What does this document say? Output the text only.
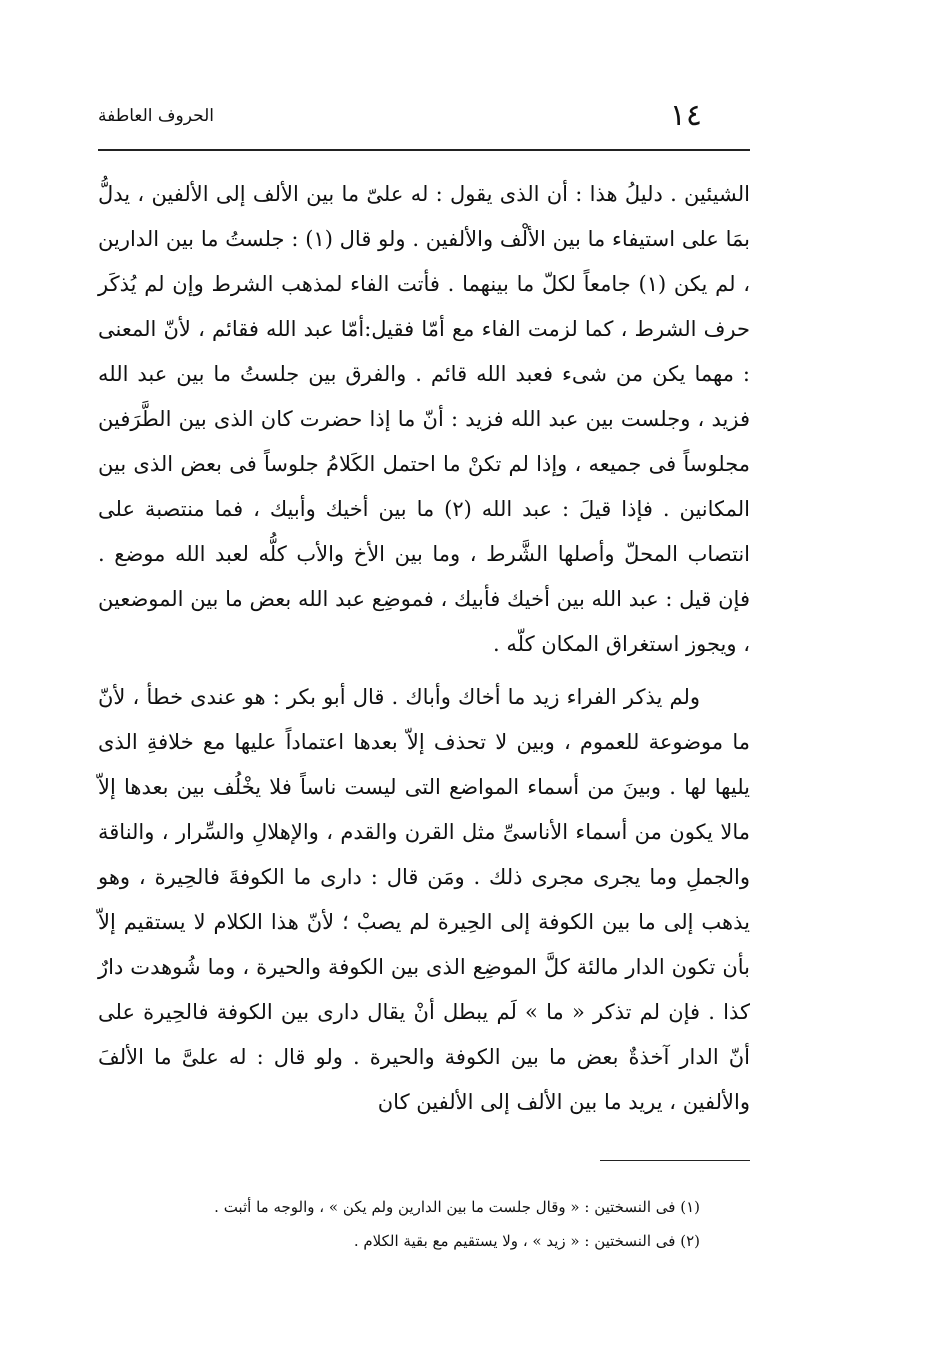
١٤
الحروف العاطفة

الشيئين . دليلُ هذا : أن الذى يقول : له علىّ ما بين الألف إلى الألفين ، يدلُّ بمَا على استيفاء ما بين الألْف والألفين . ولو قال (١) : جلستُ ما بين الدارين ، لم يكن (١) جامعاً لكلّ ما بينهما . فأتت الفاء لمذهب الشرط وإن لم يُذكَر حرف الشرط ، كما لزمت الفاء مع أمّا فقيل:أمّا عبد الله فقائم ، لأنّ المعنى : مهما يكن من شىء فعبد الله قائم . والفرق بين جلستُ ما بين عبد الله فزيد ، وجلست بين عبد الله فزيد : أنّ ما إذا حضرت كان الذى بين الطَّرَفين مجلوساً فى جميعه ، وإذا لم تكنْ ما احتمل الكَلامُ جلوساً فى بعض الذى بين المكانين . فإذا قيلَ : عبد الله (٢) ما بين أخيك وأبيك ، فما منتصبة على انتصاب المحلّ وأصلها الشَّرط ، وما بين الأخ والأب كلُّه لعبد الله موضع . فإن قيل : عبد الله بين أخيك فأبيك ، فموضِع عبد الله بعض ما بين الموضعين ، ويجوز استغراق المكان كلّه .

ولم يذكر الفراء زيد ما أخاك وأباك . قال أبو بكر : هو عندى خطأ ، لأنّ ما موضوعة للعموم ، وبين لا تحذف إلاّ بعدها اعتماداً عليها مع خلافةِ الذى يليها لها . وبينَ من أسماء المواضع التى ليست ناساً فلا يخْلُف بين بعدها إلاّ مالا يكون من أسماء الأناسىِّ مثل القرن والقدم ، والإهلالِ والسِّرار ، والناقة والجملِ وما يجرى مجرى ذلك . ومَن قال : دارى ما الكوفةَ فالحِيرة ، وهو يذهب إلى ما بين الكوفة إلى الحِيرة لم يصبْ ؛ لأنّ هذا الكلام لا يستقيم إلاّ بأن تكون الدار مالئة كلَّ الموضِع الذى بين الكوفة والحيرة ، وما شُوهدت دارٌ كذا . فإن لم تذكر « ما » لَم يبطل أنْ يقال دارى بين الكوفة فالحِيرة على أنّ الدار آخذةٌ بعض ما بين الكوفة والحيرة . ولو قال : له علىَّ ما الألفَ والألفين ، يريد ما بين الألف إلى الألفين كان

(١) فى النسختين : « وقال جلست ما بين الدارين ولم يكن » ، والوجه ما أثبت .

(٢) فى النسختين : « زيد » ، ولا يستقيم مع بقية الكلام .
